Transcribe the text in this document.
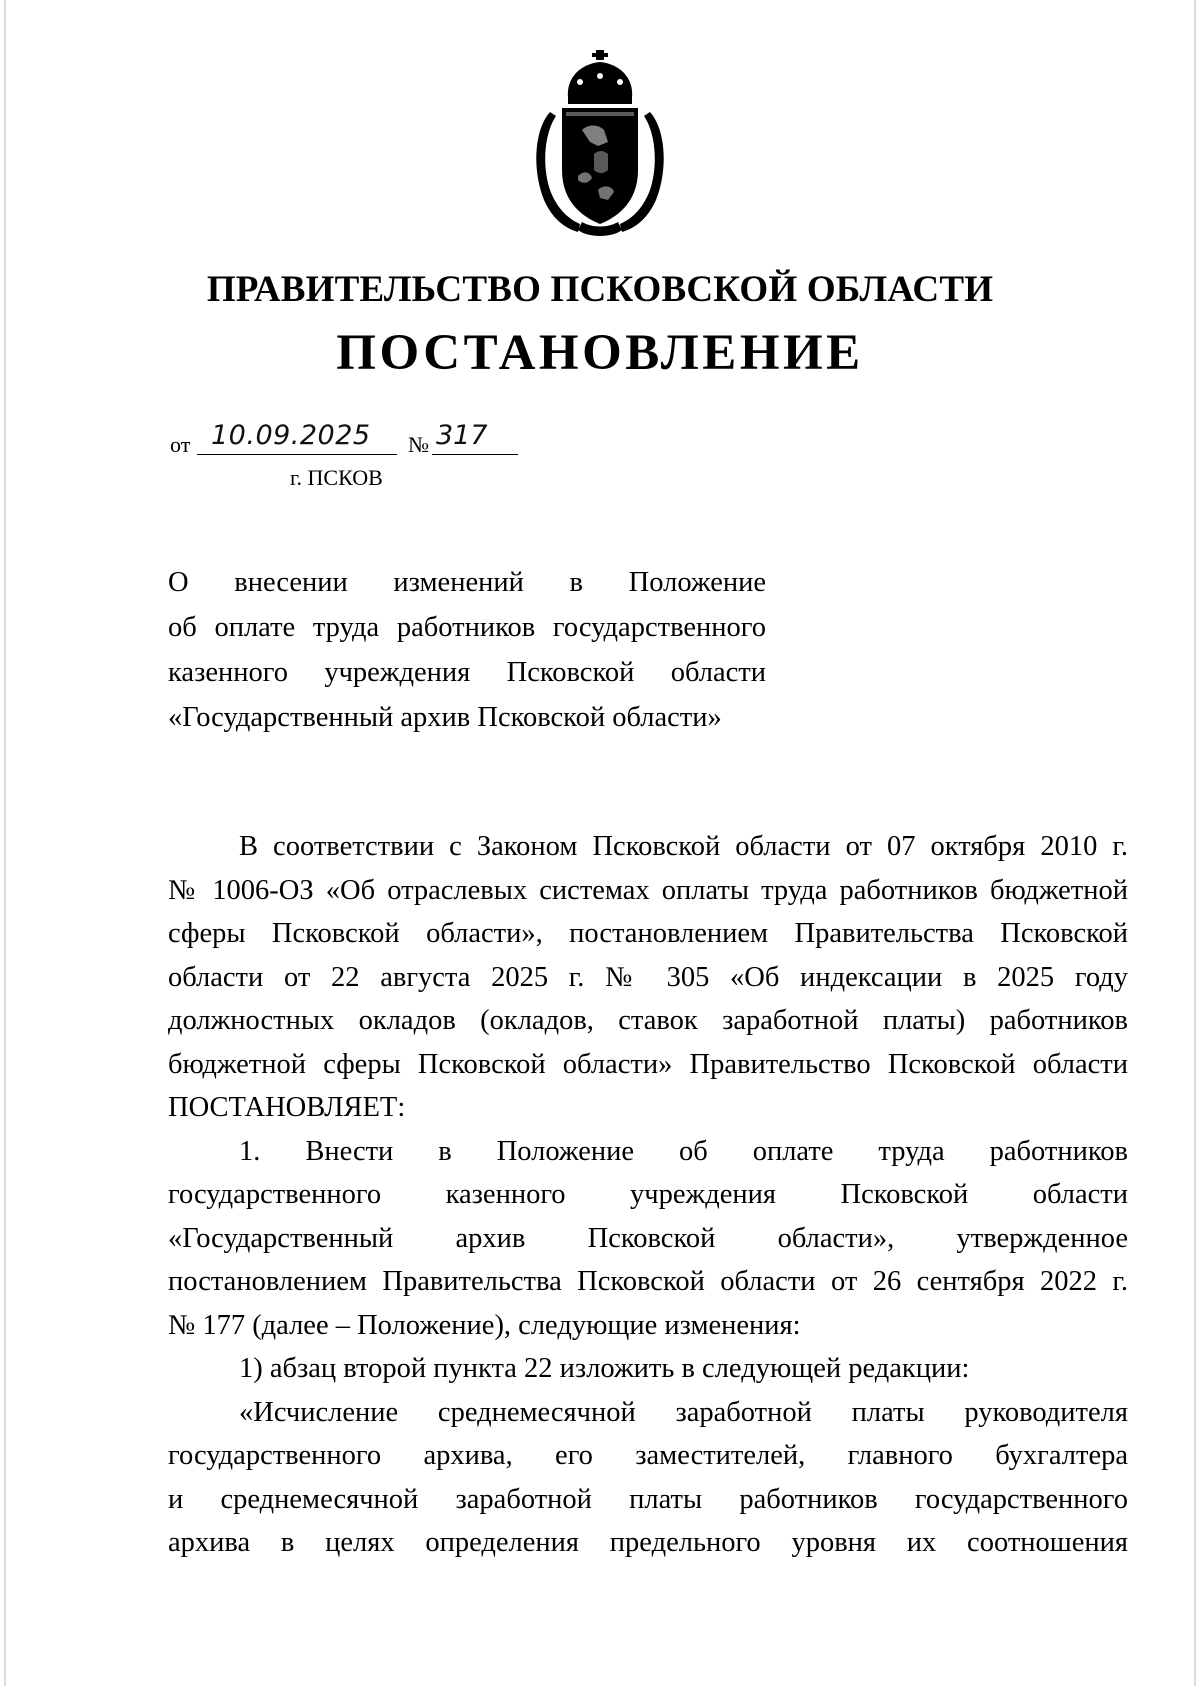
ПРАВИТЕЛЬСТВО ПСКОВСКОЙ ОБЛАСТИ
ПОСТАНОВЛЕНИЕ
от 10.09.2025 № 317
г. ПСКОВ
О внесении изменений в Положение
об оплате труда работников государственного
казенного учреждения Псковской области
«Государственный архив Псковской области»
В соответствии с Законом Псковской области от 07 октября 2010 г.
№ 1006-ОЗ «Об отраслевых системах оплаты труда работников бюджетной
сферы Псковской области», постановлением Правительства Псковской
области от 22 августа 2025 г. № 305 «Об индексации в 2025 году
должностных окладов (окладов, ставок заработной платы) работников
бюджетной сферы Псковской области» Правительство Псковской области
ПОСТАНОВЛЯЕТ:
1. Внести в Положение об оплате труда работников
государственного казенного учреждения Псковской области
«Государственный архив Псковской области», утвержденное
постановлением Правительства Псковской области от 26 сентября 2022 г.
№ 177 (далее – Положение), следующие изменения:
1) абзац второй пункта 22 изложить в следующей редакции:
«Исчисление среднемесячной заработной платы руководителя
государственного архива, его заместителей, главного бухгалтера
и среднемесячной заработной платы работников государственного
архива в целях определения предельного уровня их соотношения
